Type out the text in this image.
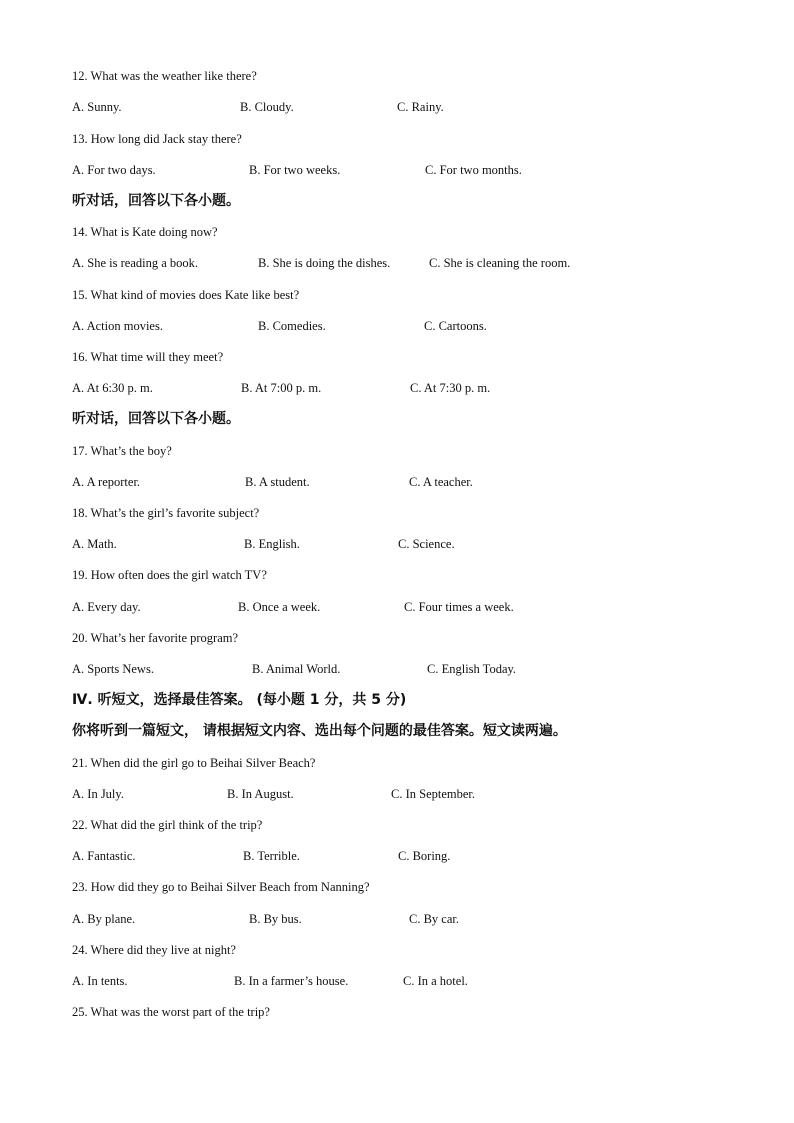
12. What was the weather like there?
A. Sunny.	B. Cloudy.	C. Rainy.
13. How long did Jack stay there?
A. For two days.	B. For two weeks.	C. For two months.
听对话，回答以下各小题。
14. What is Kate doing now?
A. She is reading a book.	B. She is doing the dishes.	C. She is cleaning the room.
15. What kind of movies does Kate like best?
A. Action movies.	B. Comedies.	C. Cartoons.
16. What time will they meet?
A. At 6:30 p. m.	B. At 7:00 p. m.	C. At 7:30 p. m.
听对话，回答以下各小题。
17. What’s the boy?
A. A reporter.	B. A student.	C. A teacher.
18. What’s the girl’s favorite subject?
A. Math.	B. English.	C. Science.
19. How often does the girl watch TV?
A. Every day.	B. Once a week.	C. Four times a week.
20. What’s her favorite program?
A. Sports News.	B. Animal World.	C. English Today.
Ⅳ. 听短文，选择最佳答案。 (每小题 1 分，共 5 分)
你将听到一篇短文， 请根据短文内容、选出每个问题的最佳答案。短文读两遍。
21. When did the girl go to Beihai Silver Beach?
A. In July.	B. In August.	C. In September.
22. What did the girl think of the trip?
A. Fantastic.	B. Terrible.	C. Boring.
23. How did they go to Beihai Silver Beach from Nanning?
A. By plane.	B. By bus.	C. By car.
24. Where did they live at night?
A. In tents.	B. In a farmer’s house.	C. In a hotel.
25. What was the worst part of the trip?
